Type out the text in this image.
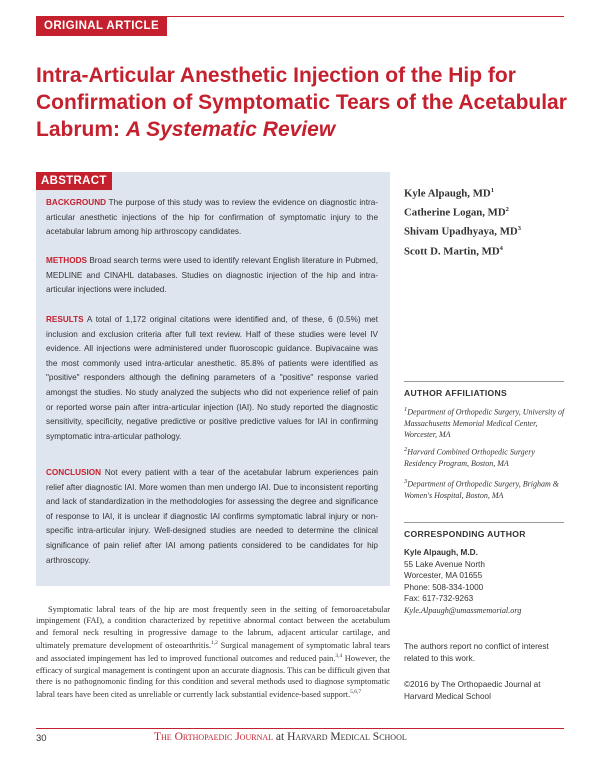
ORIGINAL ARTICLE
Intra-Articular Anesthetic Injection of the Hip for
Confirmation of Symptomatic Tears of the Acetabular
Labrum: A Systematic Review
ABSTRACT

BACKGROUND The purpose of this study was to review the evidence on diagnostic intra-articular anesthetic injections of the hip for confirmation of symptomatic injury to the acetabular labrum among hip arthroscopy candidates.

METHODS Broad search terms were used to identify relevant English literature in Pubmed, MEDLINE and CINAHL databases. Studies on diagnostic injection of the hip and intra-articular injections were included.

RESULTS A total of 1,172 original citations were identified and, of these, 6 (0.5%) met inclusion and exclusion criteria after full text review. Half of these studies were level IV evidence. All injections were administered under fluoroscopic guidance. Bupivacaine was the most commonly used intra-articular anesthetic. 85.8% of patients were identified as "positive" responders although the defining parameters of a "positive" response varied amongst the studies. No study analyzed the subjects who did not experience relief of pain or reported worse pain after intra-articular injection (IAI). No study reported the diagnostic sensitivity, specificity, negative predictive or positive predictive values for IAI in confirming symptomatic intra-articular pathology.

CONCLUSION Not every patient with a tear of the acetabular labrum experiences pain relief after diagnostic IAI. More women than men undergo IAI. Due to inconsistent reporting and lack of standardization in the methodologies for assessing the degree and significance of response to IAI, it is unclear if diagnostic IAI confirms symptomatic labral injury or non-specific intra-articular injury. Well-designed studies are needed to determine the clinical significance of pain relief after IAI among patients considered to be candidates for hip arthroscopy.

Kyle Alpaugh, $MD^1$
Catherine Logan, $MD^2$
Shivam Upadhyaya, $MD^3$
Scott D. Martin, $MD^4$
AUTHOR AFFILIATIONS

$^1$Department of Orthopedic Surgery, University of Massachusetts Memorial Medical Center, Worcester, MA

$^2$Harvard Combined Orthopedic Surgery Residency Program, Boston, MA

$^3$Department of Orthopedic Surgery, Brigham & Women's Hospital, Boston, MA

CORRESPONDING AUTHOR
Kyle Alpaugh, M.D.
55 Lake Avenue North
Worcester, MA 01655
Phone: 508-334-1000
Fax: 617-732-9263
Kyle.Alpaugh@umassmemorial.org

The authors report no conflict of interest related to this work.

©2016 by The Orthopaedic Journal at Harvard Medical School

Symptomatic labral tears of the hip are most frequently seen in the setting of femoroacetabular impingement (FAI), a condition characterized by repetitive abnormal contact between the acetabulum and femoral neck resulting in progressive damage to the labrum, adjacent articular cartilage, and ultimately premature development of osteoarthritis.$^{1,2}$ Surgical management of symptomatic labral tears and associated impingement has led to improved functional outcomes and reduced pain.$^{3,4}$ However, the efficacy of surgical management is contingent upon an accurate diagnosis. This can be difficult given that there is no pathognomonic finding for this condition and several methods used to diagnose symptomatic labral tears have been cited as unreliable or currently lack substantial evidence-based support.$^{5,6,7}$

30	The Orthopaedic Journal at Harvard Medical School
